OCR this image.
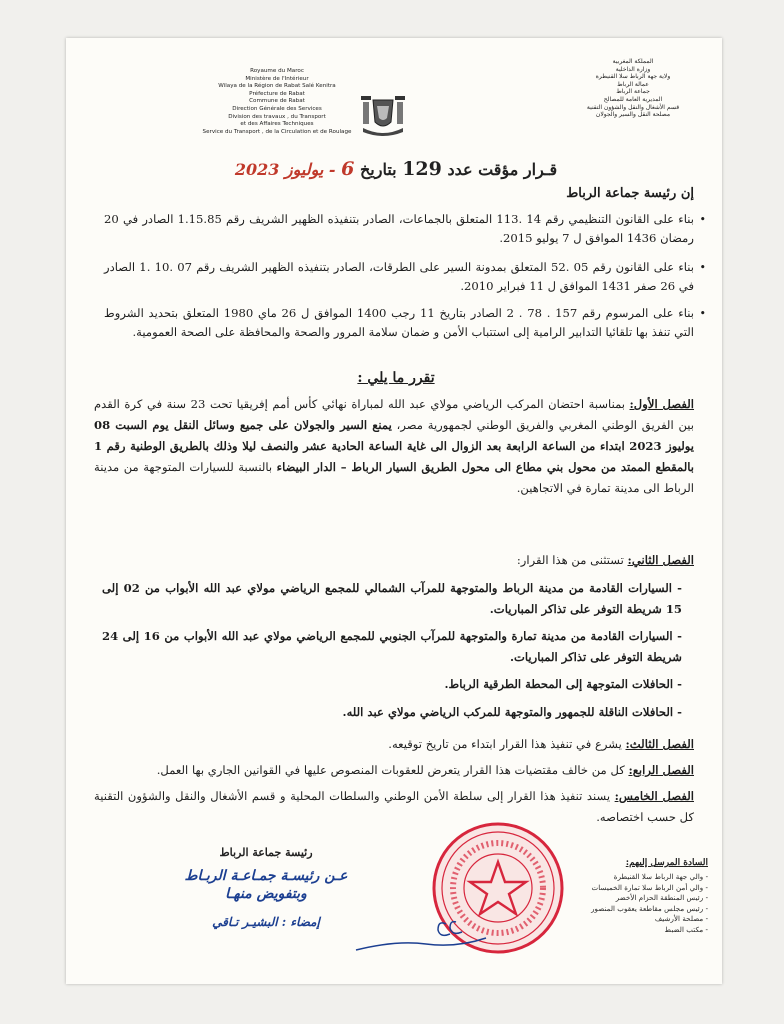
Royaume du Maroc
Ministère de l'Intérieur
Wilaya de la Région de Rabat Salé Kenitra
Préfecture de Rabat
Commune de Rabat
Direction Générale des Services
Division des travaux , du Transport
et des Affaires Techniques
Service du Transport , de la Circulation et de Roulage
المملكة المغربية
وزارة الداخلية
ولاية جهة الرباط سلا القنيطرة
عمالة الرباط
جماعة الرباط
المديرية العامة للمصالح
قسم الأشغال والنقل والشؤون التقنية
مصلحة النقل والسير والجولان
قـرار مؤقت عدد 129 بتاريخ 6 - يوليوز 2023
إن رئيسة جماعة الرباط
• بناء على القانون التنظيمي رقم 14 .113 المتعلق بالجماعات، الصادر بتنفيذه الظهير الشريف رقم 1.15.85 الصادر في 20 رمضان 1436 الموافق ل 7 يوليو 2015.
• بناء على القانون رقم 05 .52 المتعلق بمدونة السير على الطرقات، الصادر بتنفيذه الظهير الشريف رقم 07 .10 .1 الصادر في 26 صفر 1431 الموافق ل 11 فبراير 2010.
• بناء على المرسوم رقم 157 . 78 . 2 الصادر بتاريخ 11 رجب 1400 الموافق ل 26 ماي 1980 المتعلق بتحديد الشروط التي تنفذ بها تلقائيا التدابير الرامية إلى استتباب الأمن و ضمان سلامة المرور والصحة والمحافظة على الصحة العمومية.
تقرر ما يلي :
الفصل الأول: بمناسبة احتضان المركب الرياضي مولاي عبد الله لمباراة نهائي كأس أمم إفريقيا تحت 23 سنة في كرة القدم بين الفريق الوطني المغربي والفريق الوطني لجمهورية مصر، يمنع السير والجولان على جميع وسائل النقل يوم السبت 08 يوليوز 2023 ابتداء من الساعة الرابعة بعد الزوال الى غاية الساعة الحادية عشر والنصف ليلا وذلك بالطريق الوطنية رقم 1 بالمقطع الممتد من محول بني مطاع الى محول الطريق السيار الرباط – الدار البيضاء بالنسبة للسيارات المتوجهة من مدينة الرباط الى مدينة تمارة في الاتجاهين.
الفصل الثاني: تستثنى من هذا القرار:
- السيارات القادمة من مدينة الرباط والمتوجهة للمرآب الشمالي للمجمع الرياضي مولاي عبد الله الأبواب من 02 إلى 15 شريطة التوفر على تذاكر المباريات.
- السيارات القادمة من مدينة تمارة والمتوجهة للمرآب الجنوبي للمجمع الرياضي مولاي عبد الله الأبواب من 16 إلى 24 شريطة التوفر على تذاكر المباريات.
- الحافلات المتوجهة إلى المحطة الطرقية الرباط.
- الحافلات الناقلة للجمهور والمتوجهة للمركب الرياضي مولاي عبد الله.
الفصل الثالث: يشرع في تنفيذ هذا القرار ابتداء من تاريخ توقيعه.
الفصل الرابع: كل من خالف مقتضيات هذا القرار يتعرض للعقوبات المنصوص عليها في القوانين الجاري بها العمل.
الفصل الخامس: يسند تنفيذ هذا القرار إلى سلطة الأمن الوطني والسلطات المحلية و قسم الأشغال والنقل والشؤون التقنية كل حسب اختصاصه.
رئيسة جماعة الرباط
عـن رئيسـة جمـاعـة الربـاط
وبتفويض منهـا
إمضاء : البشيـر تـاقي
السادة المرسل إليهم:
- والي جهة الرباط سلا القنيطرة
- والي أمن الرباط سلا تمارة الخميسات
- رئيس المنطقة الحزام الأخضر
- رئيس مجلس مقاطعة يعقوب المنصور
- مصلحة الأرشيف
- مكتب الضبط
